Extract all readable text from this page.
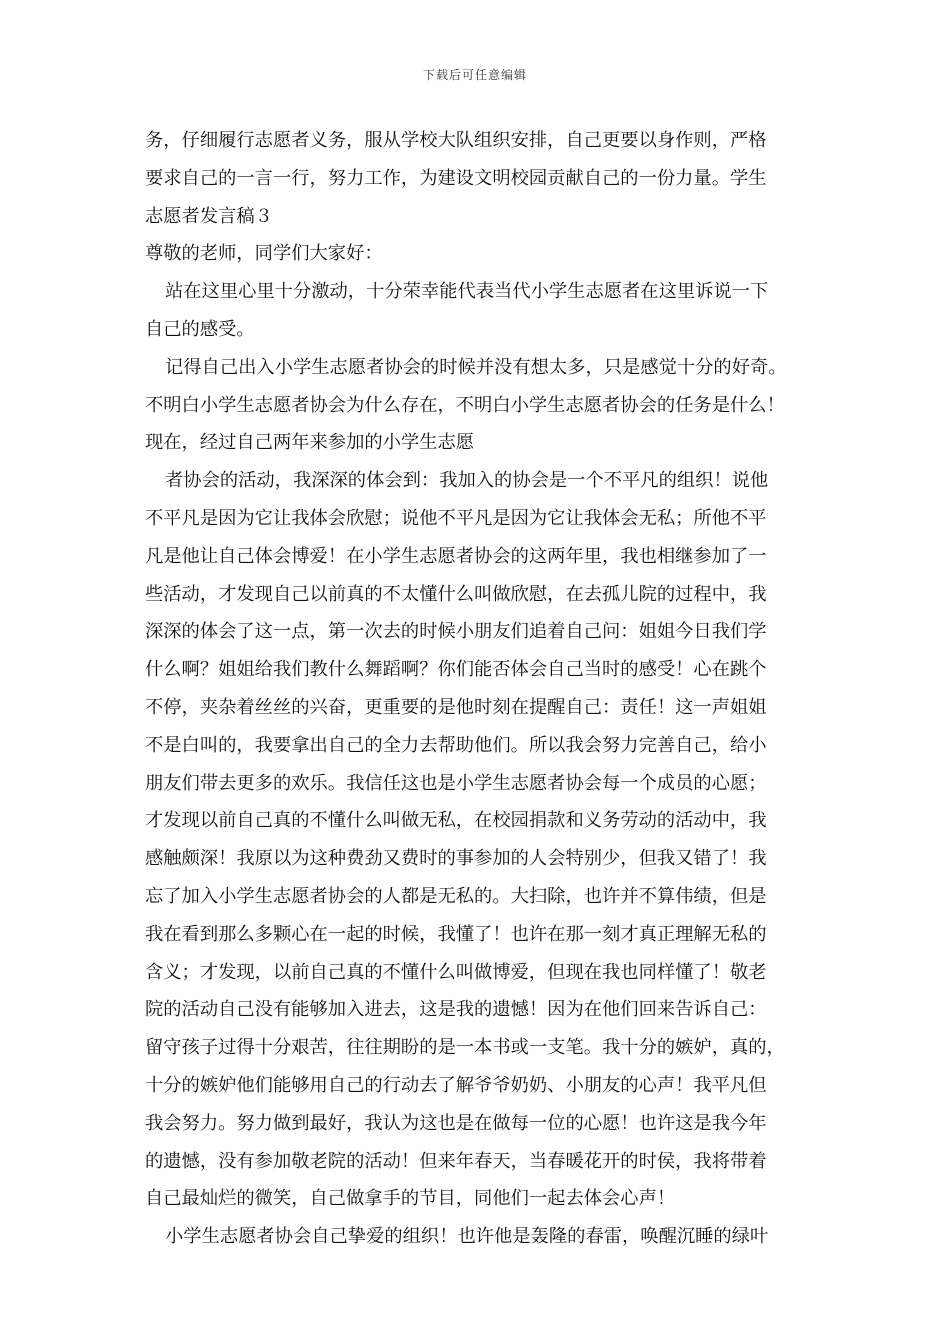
下载后可任意编辑
务，仔细履行志愿者义务，服从学校大队组织安排，自己更要以身作则，严格
要求自己的一言一行，努力工作，为建设文明校园贡献自己的一份力量。学生
志愿者发言稿３
尊敬的老师，同学们大家好：
站在这里心里十分激动，十分荣幸能代表当代小学生志愿者在这里诉说一下
自己的感受。
记得自己出入小学生志愿者协会的时候并没有想太多，只是感觉十分的好奇。
不明白小学生志愿者协会为什么存在，不明白小学生志愿者协会的任务是什么！
现在，经过自己两年来参加的小学生志愿
者协会的活动，我深深的体会到：我加入的协会是一个不平凡的组织！说他
不平凡是因为它让我体会欣慰；说他不平凡是因为它让我体会无私；所他不平
凡是他让自己体会博爱！在小学生志愿者协会的这两年里，我也相继参加了一
些活动，才发现自己以前真的不太懂什么叫做欣慰，在去孤儿院的过程中，我
深深的体会了这一点，第一次去的时候小朋友们追着自己问：姐姐今日我们学
什么啊？姐姐给我们教什么舞蹈啊？你们能否体会自己当时的感受！心在跳个
不停，夹杂着丝丝的兴奋，更重要的是他时刻在提醒自己：责任！这一声姐姐
不是白叫的，我要拿出自己的全力去帮助他们。所以我会努力完善自己，给小
朋友们带去更多的欢乐。我信任这也是小学生志愿者协会每一个成员的心愿；
才发现以前自己真的不懂什么叫做无私，在校园捐款和义务劳动的活动中，我
感触颇深！我原以为这种费劲又费时的事参加的人会特别少，但我又错了！我
忘了加入小学生志愿者协会的人都是无私的。大扫除，也许并不算伟绩，但是
我在看到那么多颗心在一起的时候，我懂了！也许在那一刻才真正理解无私的
含义；才发现，以前自己真的不懂什么叫做博爱，但现在我也同样懂了！敬老
院的活动自己没有能够加入进去，这是我的遗憾！因为在他们回来告诉自己：
留守孩子过得十分艰苦，往往期盼的是一本书或一支笔。我十分的嫉妒，真的，
十分的嫉妒他们能够用自己的行动去了解爷爷奶奶、小朋友的心声！我平凡但
我会努力。努力做到最好，我认为这也是在做每一位的心愿！也许这是我今年
的遗憾，没有参加敬老院的活动！但来年春天，当春暖花开的时侯，我将带着
自己最灿烂的微笑，自己做拿手的节目，同他们一起去体会心声！
小学生志愿者协会自己挚爱的组织！也许他是轰隆的春雷，唤醒沉睡的绿叶
